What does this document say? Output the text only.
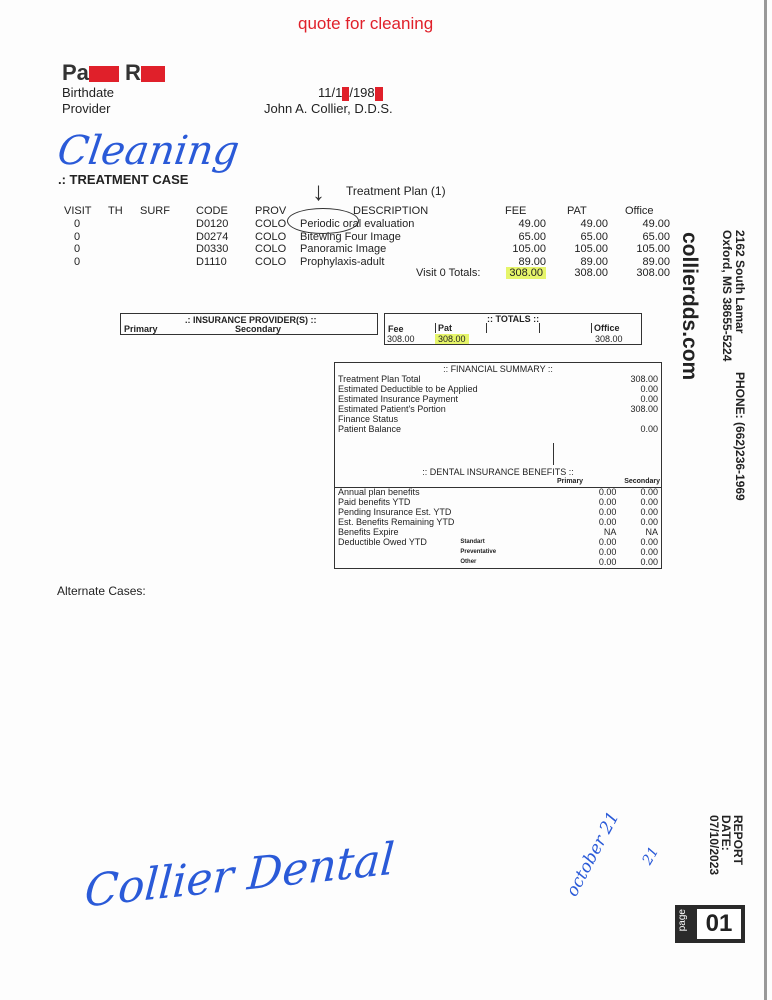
quote for cleaning
Pa R
Birthdate
Provider
11/1 /198
John A. Collier, D.D.S.
Cleaning
.: TREATMENT CASE
Treatment Plan (1)
↓
VISIT TH SURF CODE PROV	DESCRIPTION	FEE	PAT	Office
0	D0120 COLO Periodic oral evaluation	49.00	49.00	49.00
0	D0274 COLO Bitewing Four Image	65.00	65.00	65.00
0	D0330 COLO Panoramic Image	105.00	105.00	105.00
0	D1110	COLO Prophylaxis-adult	89.00	89.00	89.00
Visit 0 Totals:	308.00	308.00	308.00
.: INSURANCE PROVIDER(S) ::
Primary	Secondary
:: TOTALS ::
Fee	Pat	Office
308.00	308.00	308.00
:: FINANCIAL SUMMARY ::
Treatment Plan Total	308.00
Estimated Deductible to be Applied	0.00
Estimated Insurance Payment	0.00
Estimated Patient's Portion	308.00
Finance Status	
Patient Balance	0.00
:: DENTAL INSURANCE BENEFITS ::
Primary	Secondary
Annual plan benefits		0.00	0.00
Paid benefits YTD		0.00	0.00
Pending Insurance Est. YTD		0.00	0.00
Est. Benefits Remaining YTD		0.00	0.00
Benefits Expire		NA	NA
Deductible Owed YTD	Standart	0.00	0.00
	Preventative	0.00	0.00
	Other	0.00	0.00
Alternate Cases:
Collier Dental	october 21 21
2162 South Lamar
Oxford, MS 38655-5224
PHONE: (662)236-1969
collierdds.com
REPORT
DATE:
07/10/2023
page 01
